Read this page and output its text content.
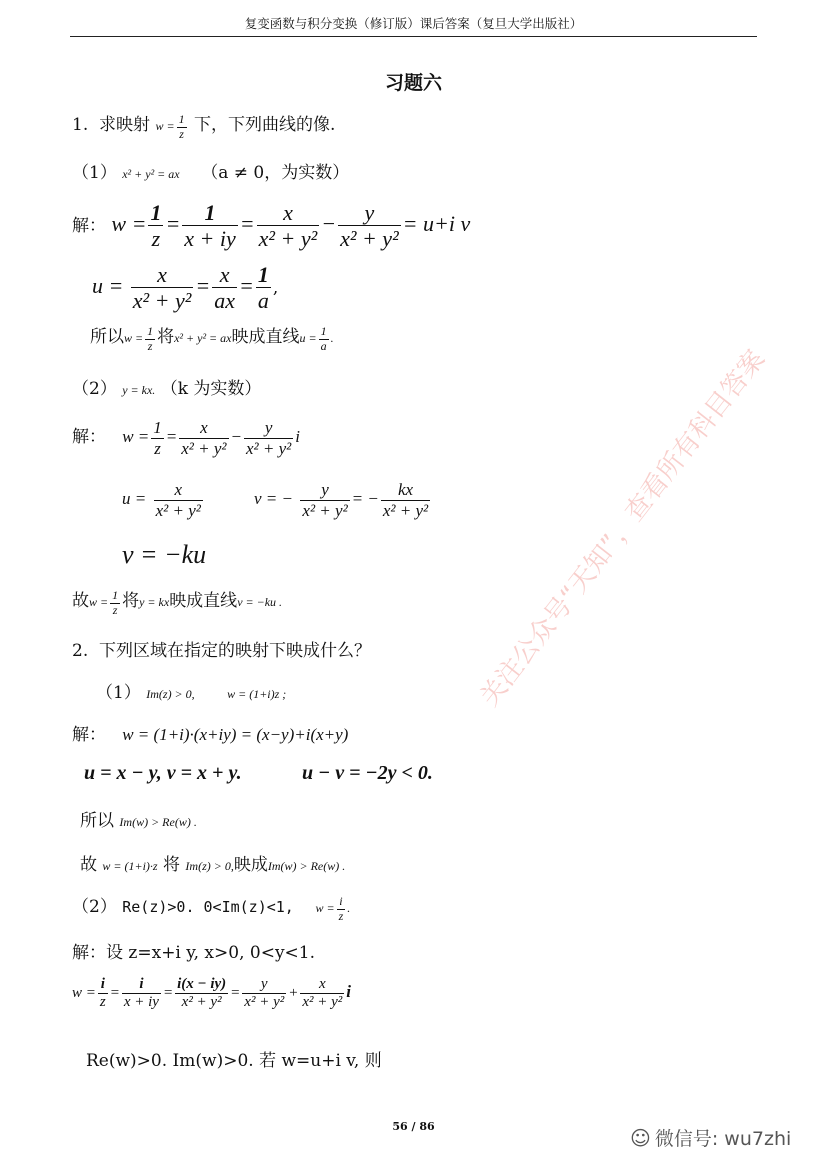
复变函数与积分变换（修订版）课后答案（复旦大学出版社）
习题六
1. 求映射 $w = \frac{1}{z}$ 下，下列曲线的像.
（1） x² + y² = ax （a ≠ 0，为实数）
解： $w = \frac{1}{z} = \frac{1}{x + iy} = \frac{x}{\text{x² + y²}} - \frac{y}{\text{x² + y²}} = u+i$ v
$u = \frac{x}{\text{x² + y²}} = \frac{x}{ax} = \frac{1}{a}$ ,
所以$w = \frac{1}{z}$ 将x² + y² = ax映成直线$u = \frac{1}{a}$ .
（2） y = kx. （k 为实数）
解： $w = \frac{1}{z} = \frac{x}{\text{x² + y²}} - \frac{y}{\text{x² + y²}}$ i
$u = \frac{x}{\text{x² + y²}}$	v = − $\frac{y}{\text{x² + y²}}$ = − $\frac{kx}{\text{x² + y²}}$
v = −ku
故$w = \frac{1}{z}$ 将y = kx映成直线v = −ku .
2. 下列区域在指定的映射下映成什么？
（1） Im(z) > 0,	w = (1+i)z ;
解： w = (1+i)·(x+iy) = (x−y)+i(x+y)
u = x − y, v = x + y.	u − v = −2y < 0.
所以 Im(w) > Re(w) .
故 w = (1+i)·z 将 Im(z) > 0,映成Im(w) > Re(w) .
（2） Re(z)>0. 0<Im(z)<1, $w = \frac{i}{z}$ .
解：设 z=x+i y, x>0, 0<y<1.
$w = \frac{i}{z} = \frac{i}{x + iy} = \frac{i(x - iy)}{\text{x² + y²}} = \frac{y}{\text{x² + y²}} + \frac{x}{\text{x² + y²}}$ i
Re(w)>0. Im(w)>0. 若 w=u+i v, 则
关注公众号“天知”，查看所有科目答案
56 / 86	☺ 微信号: wu7zhi
